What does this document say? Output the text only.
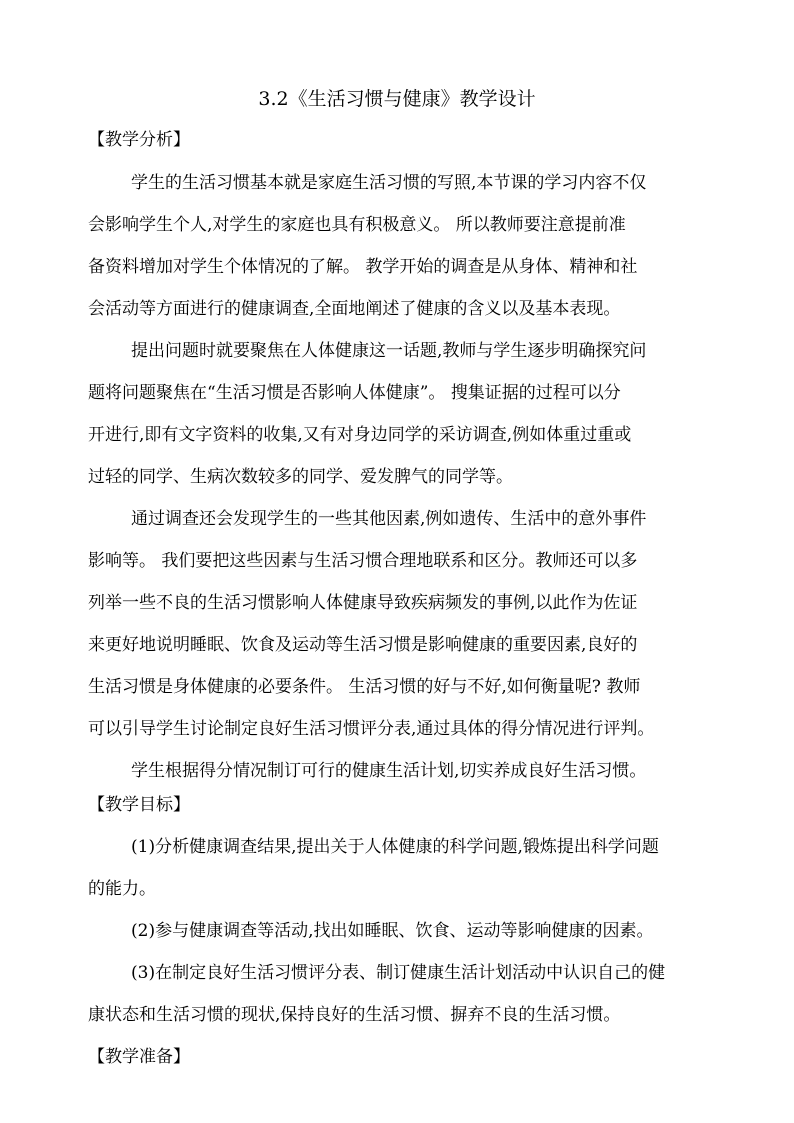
3.2《生活习惯与健康》教学设计

【教学分析】

学生的生活习惯基本就是家庭生活习惯的写照,本节课的学习内容不仅

会影响学生个人,对学生的家庭也具有积极意义。 所以教师要注意提前准

备资料增加对学生个体情况的了解。 教学开始的调查是从身体、精神和社

会活动等方面进行的健康调查,全面地阐述了健康的含义以及基本表现。

提出问题时就要聚焦在人体健康这一话题,教师与学生逐步明确探究问

题将问题聚焦在“生活习惯是否影响人体健康”。 搜集证据的过程可以分

开进行,即有文字资料的收集,又有对身边同学的采访调查,例如体重过重或

过轻的同学、生病次数较多的同学、爱发脾气的同学等。

通过调查还会发现学生的一些其他因素,例如遗传、生活中的意外事件

影响等。 我们要把这些因素与生活习惯合理地联系和区分。教师还可以多

列举一些不良的生活习惯影响人体健康导致疾病频发的事例,以此作为佐证

来更好地说明睡眠、饮食及运动等生活习惯是影响健康的重要因素,良好的

生活习惯是身体健康的必要条件。 生活习惯的好与不好,如何衡量呢? 教师

可以引导学生讨论制定良好生活习惯评分表,通过具体的得分情况进行评判。

学生根据得分情况制订可行的健康生活计划,切实养成良好生活习惯。

【教学目标】

(1)分析健康调查结果,提出关于人体健康的科学问题,锻炼提出科学问题

的能力。

(2)参与健康调查等活动,找出如睡眠、饮食、运动等影响健康的因素。

(3)在制定良好生活习惯评分表、制订健康生活计划活动中认识自己的健

康状态和生活习惯的现状,保持良好的生活习惯、摒弃不良的生活习惯。

【教学准备】
